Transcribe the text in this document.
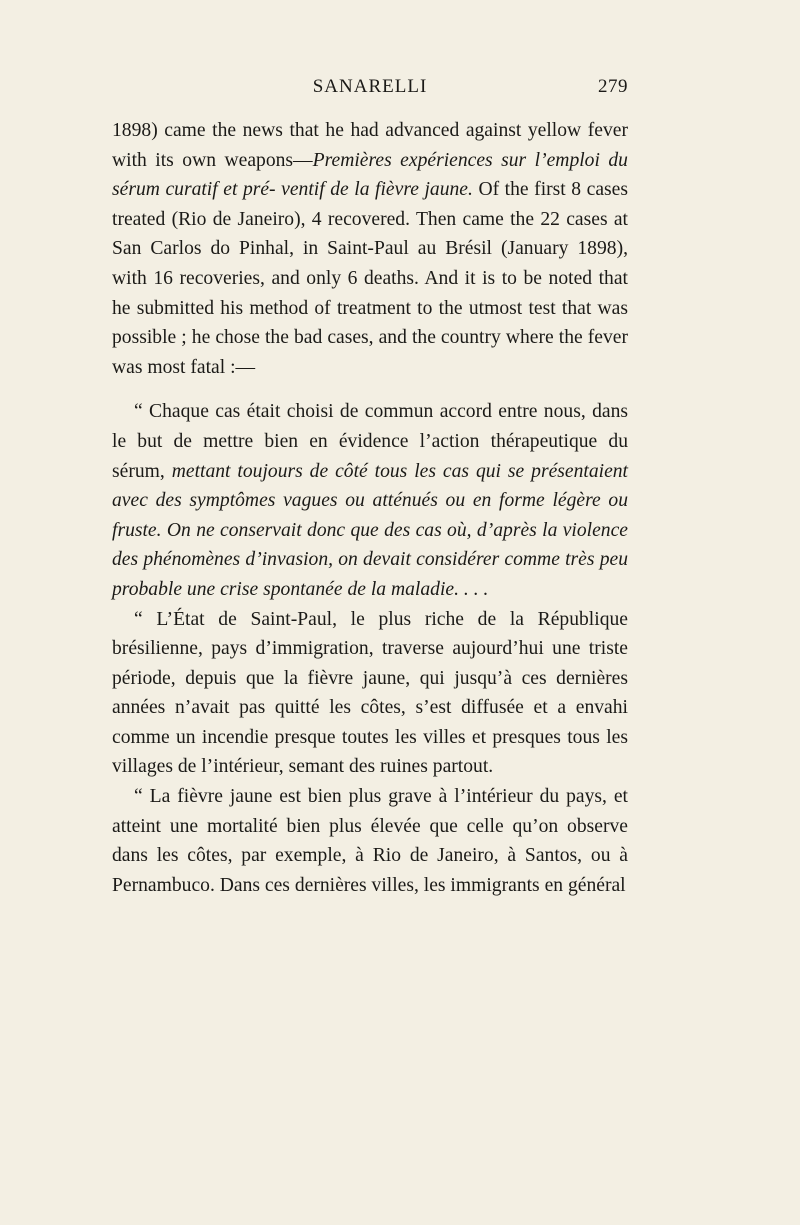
SANARELLI	279

1898) came the news that he had advanced against yellow fever with its own weapons—Premières expériences sur l’emploi du sérum curatif et pré- ventif de la fièvre jaune. Of the first 8 cases treated (Rio de Janeiro), 4 recovered. Then came the 22 cases at San Carlos do Pinhal, in Saint-Paul au Brésil (January 1898), with 16 recoveries, and only 6 deaths. And it is to be noted that he submitted his method of treatment to the utmost test that was possible ; he chose the bad cases, and the country where the fever was most fatal :—

“ Chaque cas était choisi de commun accord entre nous, dans le but de mettre bien en évidence l’action thérapeutique du sérum, mettant toujours de côté tous les cas qui se présentaient avec des symptômes vagues ou atténués ou en forme légère ou fruste. On ne conservait donc que des cas où, d’après la violence des phénomènes d’invasion, on devait considérer comme très peu probable une crise spontanée de la maladie. . . .

“ L’État de Saint-Paul, le plus riche de la République brésilienne, pays d’immigration, traverse aujourd’hui une triste période, depuis que la fièvre jaune, qui jusqu’à ces dernières années n’avait pas quitté les côtes, s’est diffusée et a envahi comme un incendie presque toutes les villes et presques tous les villages de l’intérieur, semant des ruines partout.

“ La fièvre jaune est bien plus grave à l’intérieur du pays, et atteint une mortalité bien plus élevée que celle qu’on observe dans les côtes, par exemple, à Rio de Janeiro, à Santos, ou à Pernambuco. Dans ces dernières villes, les immigrants en général
